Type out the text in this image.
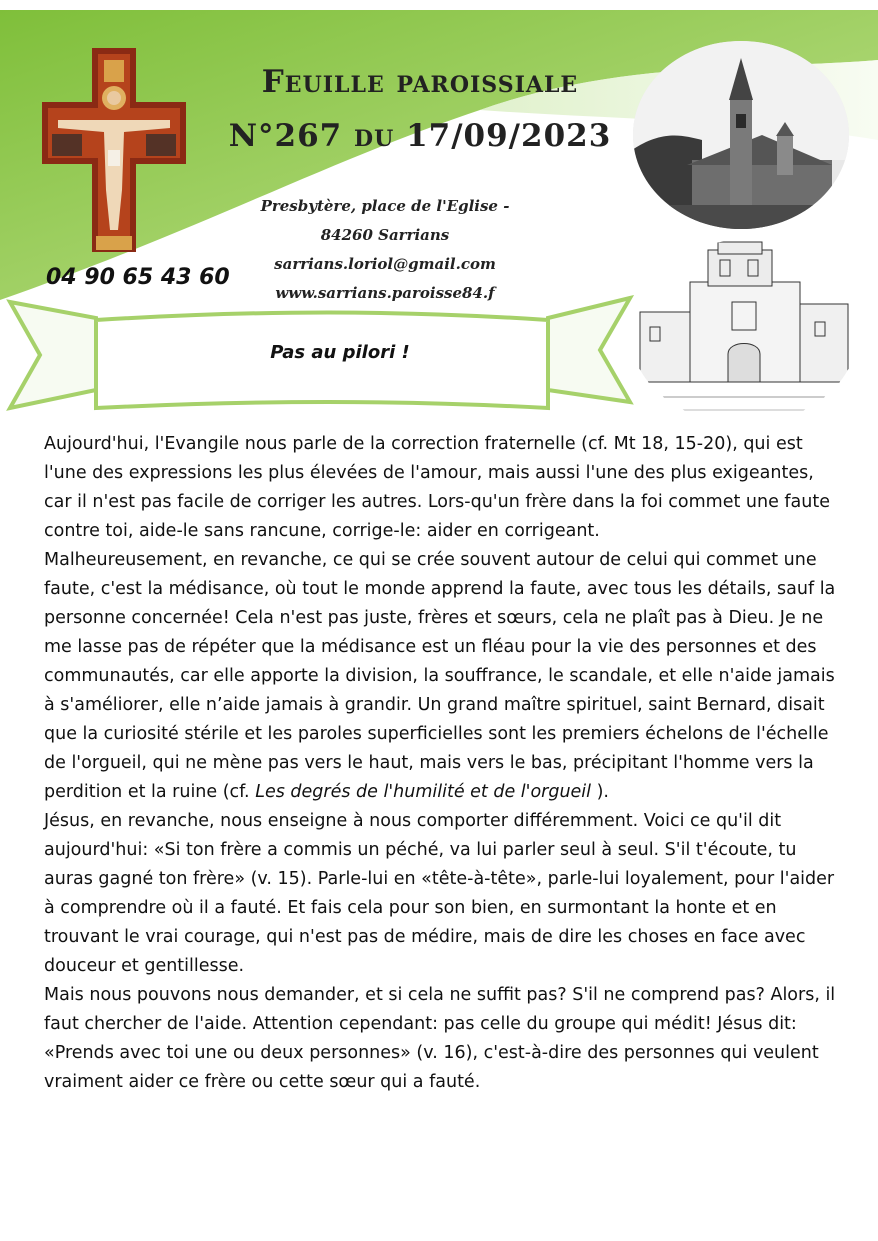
Feuille paroissiale
N°267 du 17/09/2023
Presbytère, place de l'Eglise -
84260 Sarrians
sarrians.loriol@gmail.com
www.sarrians.paroisse84.f
04 90 65 43 60
Pas au pilori !

Aujourd'hui, l'Evangile nous parle de la correction fraternelle (cf. Mt 18, 15-20), qui est l'une des expressions les plus élevées de l'amour, mais aussi l'une des plus exigeantes, car il n'est pas facile de corriger les autres. Lors-qu'un frère dans la foi commet une faute contre toi, aide-le sans rancune, corrige-le: aider en corrigeant.

Malheureusement, en revanche, ce qui se crée souvent autour de celui qui commet une faute, c'est la médisance, où tout le monde apprend la faute, avec tous les détails, sauf la personne concernée! Cela n'est pas juste, frères et sœurs, cela ne plaît pas à Dieu. Je ne me lasse pas de répéter que la médisance est un fléau pour la vie des personnes et des communautés, car elle apporte la division, la souffrance, le scandale, et elle n'aide jamais à s'améliorer, elle n’aide jamais à grandir. Un grand maître spirituel, saint Bernard, disait que la curiosité stérile et les paroles superficielles sont les premiers échelons de l'échelle de l'orgueil, qui ne mène pas vers le haut, mais vers le bas, précipitant l'homme vers la perdition et la ruine (cf. Les degrés de l'humilité et de l'orgueil ).

Jésus, en revanche, nous enseigne à nous comporter différemment. Voici ce qu'il dit aujourd'hui: «Si ton frère a commis un péché, va lui parler seul à seul. S'il t'écoute, tu auras gagné ton frère» (v. 15). Parle-lui en «tête-à-tête», parle-lui loyalement, pour l'aider à comprendre où il a fauté. Et fais cela pour son bien, en surmontant la honte et en trouvant le vrai courage, qui n'est pas de médire, mais de dire les choses en face avec douceur et gentillesse.

Mais nous pouvons nous demander, et si cela ne suffit pas? S'il ne comprend pas? Alors, il faut chercher de l'aide. Attention cependant: pas celle du groupe qui médit! Jésus dit: «Prends avec toi une ou deux personnes» (v. 16), c'est-à-dire des personnes qui veulent vraiment aider ce frère ou cette sœur qui a fauté.
